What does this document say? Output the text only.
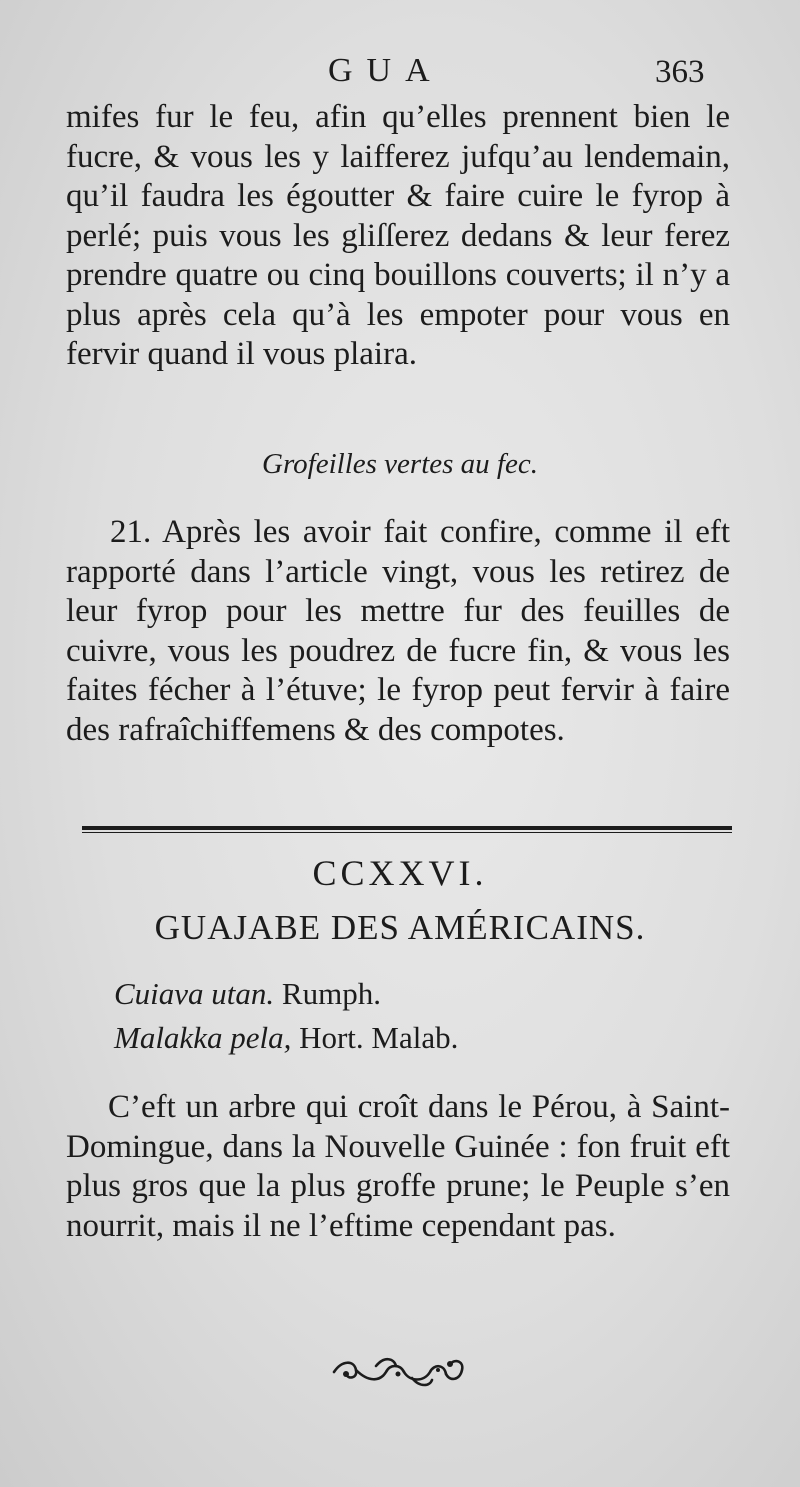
GUA	363

mifes fur le feu, afin qu’elles prennent bien le fucre, & vous les y laifferez jufqu’au lendemain, qu’il faudra les égoutter & faire cuire le fyrop à perlé; puis vous les gliſſerez dedans & leur ferez prendre quatre ou cinq bouillons couverts; il n’y a plus après cela qu’à les empoter pour vous en fervir quand il vous plaira.

Grofeilles vertes au fec.

21. Après les avoir fait confire, comme il eft rapporté dans l’article vingt, vous les retirez de leur fyrop pour les mettre fur des feuilles de cuivre, vous les poudrez de fucre fin, & vous les faites fécher à l’étuve; le fyrop peut fervir à faire des rafraîchiffemens & des compotes.

CCXXVI.

GUAJABE DES AMÉRICAINS.
Cuiava utan. Rumph.
Malakka pela, Hort. Malab.

C’eft un arbre qui croît dans le Pérou, à Saint-Domingue, dans la Nouvelle Guinée : fon fruit eft plus gros que la plus groffe prune; le Peuple s’en nourrit, mais il ne l’eftime cependant pas.
